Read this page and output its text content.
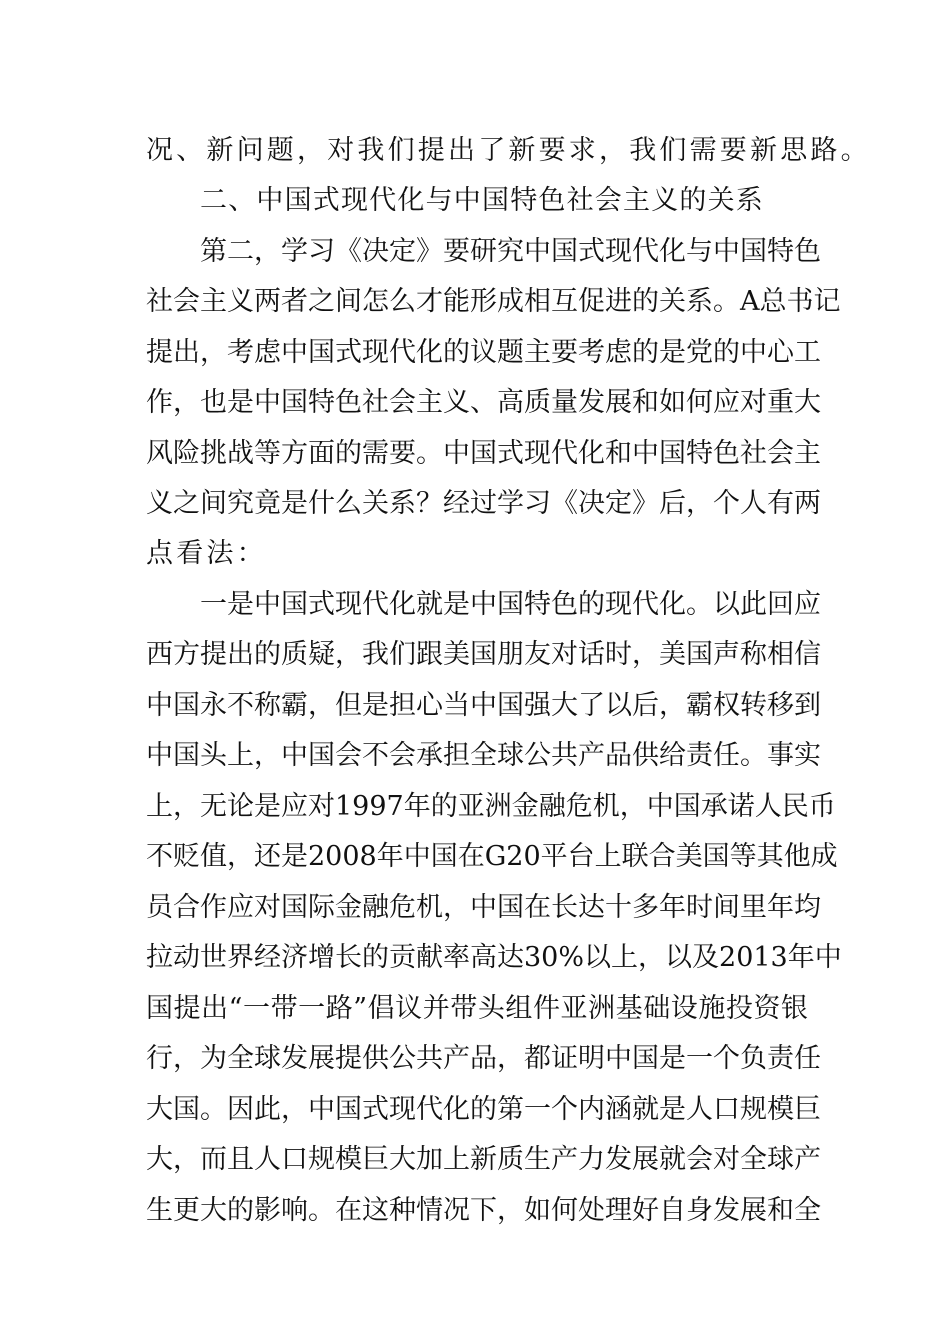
况、新问题，对我们提出了新要求，我们需要新思路。
二、中国式现代化与中国特色社会主义的关系
第二，学习《决定》要研究中国式现代化与中国特色
社会主义两者之间怎么才能形成相互促进的关系。A总书记
提出，考虑中国式现代化的议题主要考虑的是党的中心工
作，也是中国特色社会主义、高质量发展和如何应对重大
风险挑战等方面的需要。中国式现代化和中国特色社会主
义之间究竟是什么关系？经过学习《决定》后，个人有两
点看法：
一是中国式现代化就是中国特色的现代化。以此回应
西方提出的质疑，我们跟美国朋友对话时，美国声称相信
中国永不称霸，但是担心当中国强大了以后，霸权转移到
中国头上，中国会不会承担全球公共产品供给责任。事实
上，无论是应对1997年的亚洲金融危机，中国承诺人民币
不贬值，还是2008年中国在G20平台上联合美国等其他成
员合作应对国际金融危机，中国在长达十多年时间里年均
拉动世界经济增长的贡献率高达30%以上，以及2013年中
国提出“一带一路”倡议并带头组件亚洲基础设施投资银
行，为全球发展提供公共产品，都证明中国是一个负责任
大国。因此，中国式现代化的第一个内涵就是人口规模巨
大，而且人口规模巨大加上新质生产力发展就会对全球产
生更大的影响。在这种情况下，如何处理好自身发展和全
